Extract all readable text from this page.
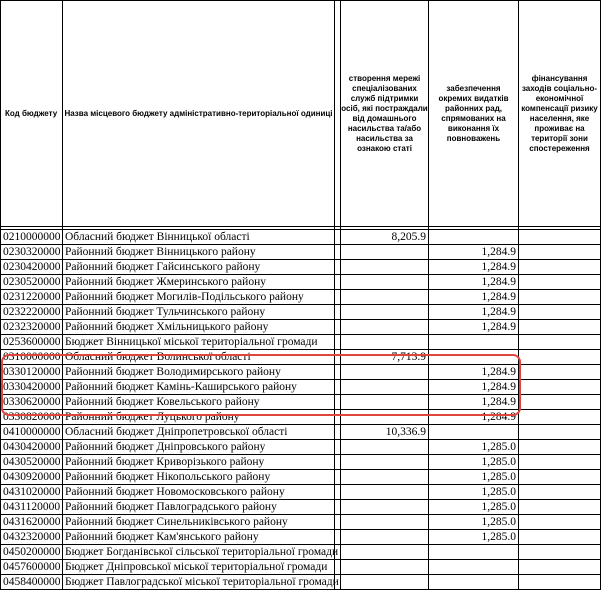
Код бюджету	Назва місцевого бюджету адміністративно-територіальної одиниці		створення мережі спеціалізованих служб підтримки осіб, які постраждали від домашнього насильства та/або насильства за ознакою статі	забезпечення окремих видатків районних рад, спрямованих на виконання їх повноважень	фінансування заходів соціально-економічної компенсації ризику населення, яке проживає на території зони спостереження

0210000000	Обласний бюджет Вінницької області		8,205.9		
0230320000	Районний бюджет Вінницького району			1,284.9	
0230420000	Районний бюджет Гайсинського району			1,284.9	
0230520000	Районний бюджет Жмеринського району			1,284.9	
0231220000	Районний бюджет Могилів-Подільського району			1,284.9	
0232220000	Районний бюджет Тульчинського району			1,284.9	
0232320000	Районний бюджет Хмільницького району			1,284.9	
0253600000	Бюджет Вінницької міської територіальної громади				
0310000000	Обласний бюджет Волинської області		7,713.9		
0330120000	Районний бюджет Володимирського району			1,284.9	
0330420000	Районний бюджет Камінь-Каширського району			1,284.9	
0330620000	Районний бюджет Ковельського району			1,284.9	
0330820000	Районний бюджет Луцького району			1,284.9	
0410000000	Обласний бюджет Дніпропетровської області		10,336.9		
0430420000	Районний бюджет Дніпровського району			1,285.0	
0430520000	Районний бюджет Криворізького району			1,285.0	
0430920000	Районний бюджет Нікопольського району			1,285.0	
0431020000	Районний бюджет Новомосковського району			1,285.0	
0431120000	Районний бюджет Павлоградського району			1,285.0	
0431620000	Районний бюджет Синельниківського району			1,285.0	
0432320000	Районний бюджет Кам'янського району			1,285.0	
0450200000	Бюджет Богданівської сільської територіальної громади				
0457600000	Бюджет Дніпровської міської територіальної громади				
0458400000	Бюджет Павлоградської міської територіальної громади				
